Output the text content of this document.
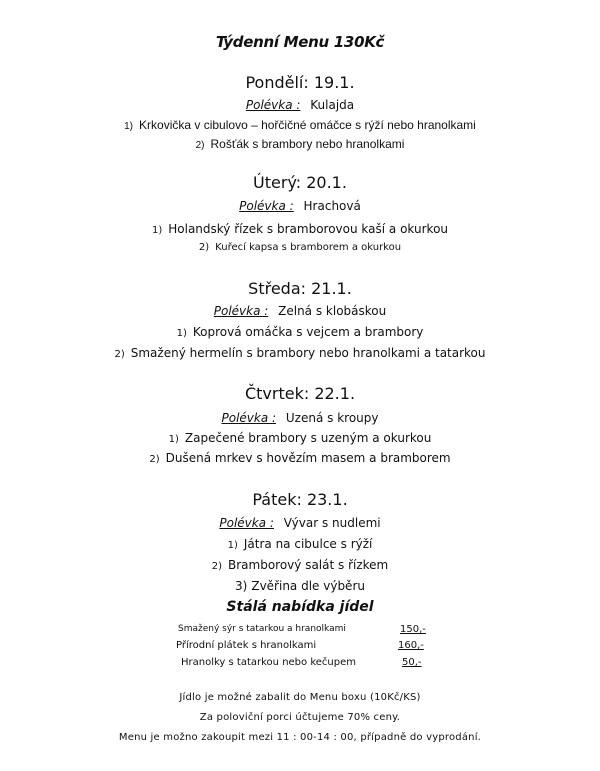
Týdenní Menu 130Kč
Pondělí: 19.1.
Polévka : Kulajda
1) Krkovička v cibulovo – hořčičné omáčce s rýží nebo hranolkami
2) Rošťák s brambory nebo hranolkami
Úterý: 20.1.
Polévka : Hrachová
1) Holandský řízek s bramborovou kaší a okurkou
2) Kuřecí kapsa s bramborem a okurkou
Středa: 21.1.
Polévka : Zelná s klobáskou
1) Koprová omáčka s vejcem a brambory
2) Smažený hermelín s brambory nebo hranolkami a tatarkou
Čtvrtek: 22.1.
Polévka : Uzená s kroupy
1) Zapečené brambory s uzeným a okurkou
2) Dušená mrkev s hovězím masem a bramborem
Pátek: 23.1.
Polévka : Vývar s nudlemi
1) Játra na cibulce s rýží
2) Bramborový salát s řízkem
3) Zvěřina dle výběru
Stálá nabídka jídel
Smažený sýr s tatarkou a hranolkami	150,-
Přírodní plátek s hranolkami	160,-
Hranolky s tatarkou nebo kečupem	50,-
Jídlo je možné zabalit do Menu boxu (10Kč/KS)
Za poloviční porci účtujeme 70% ceny.
Menu je možno zakoupit mezi 11 : 00-14 : 00, případně do vyprodání.
